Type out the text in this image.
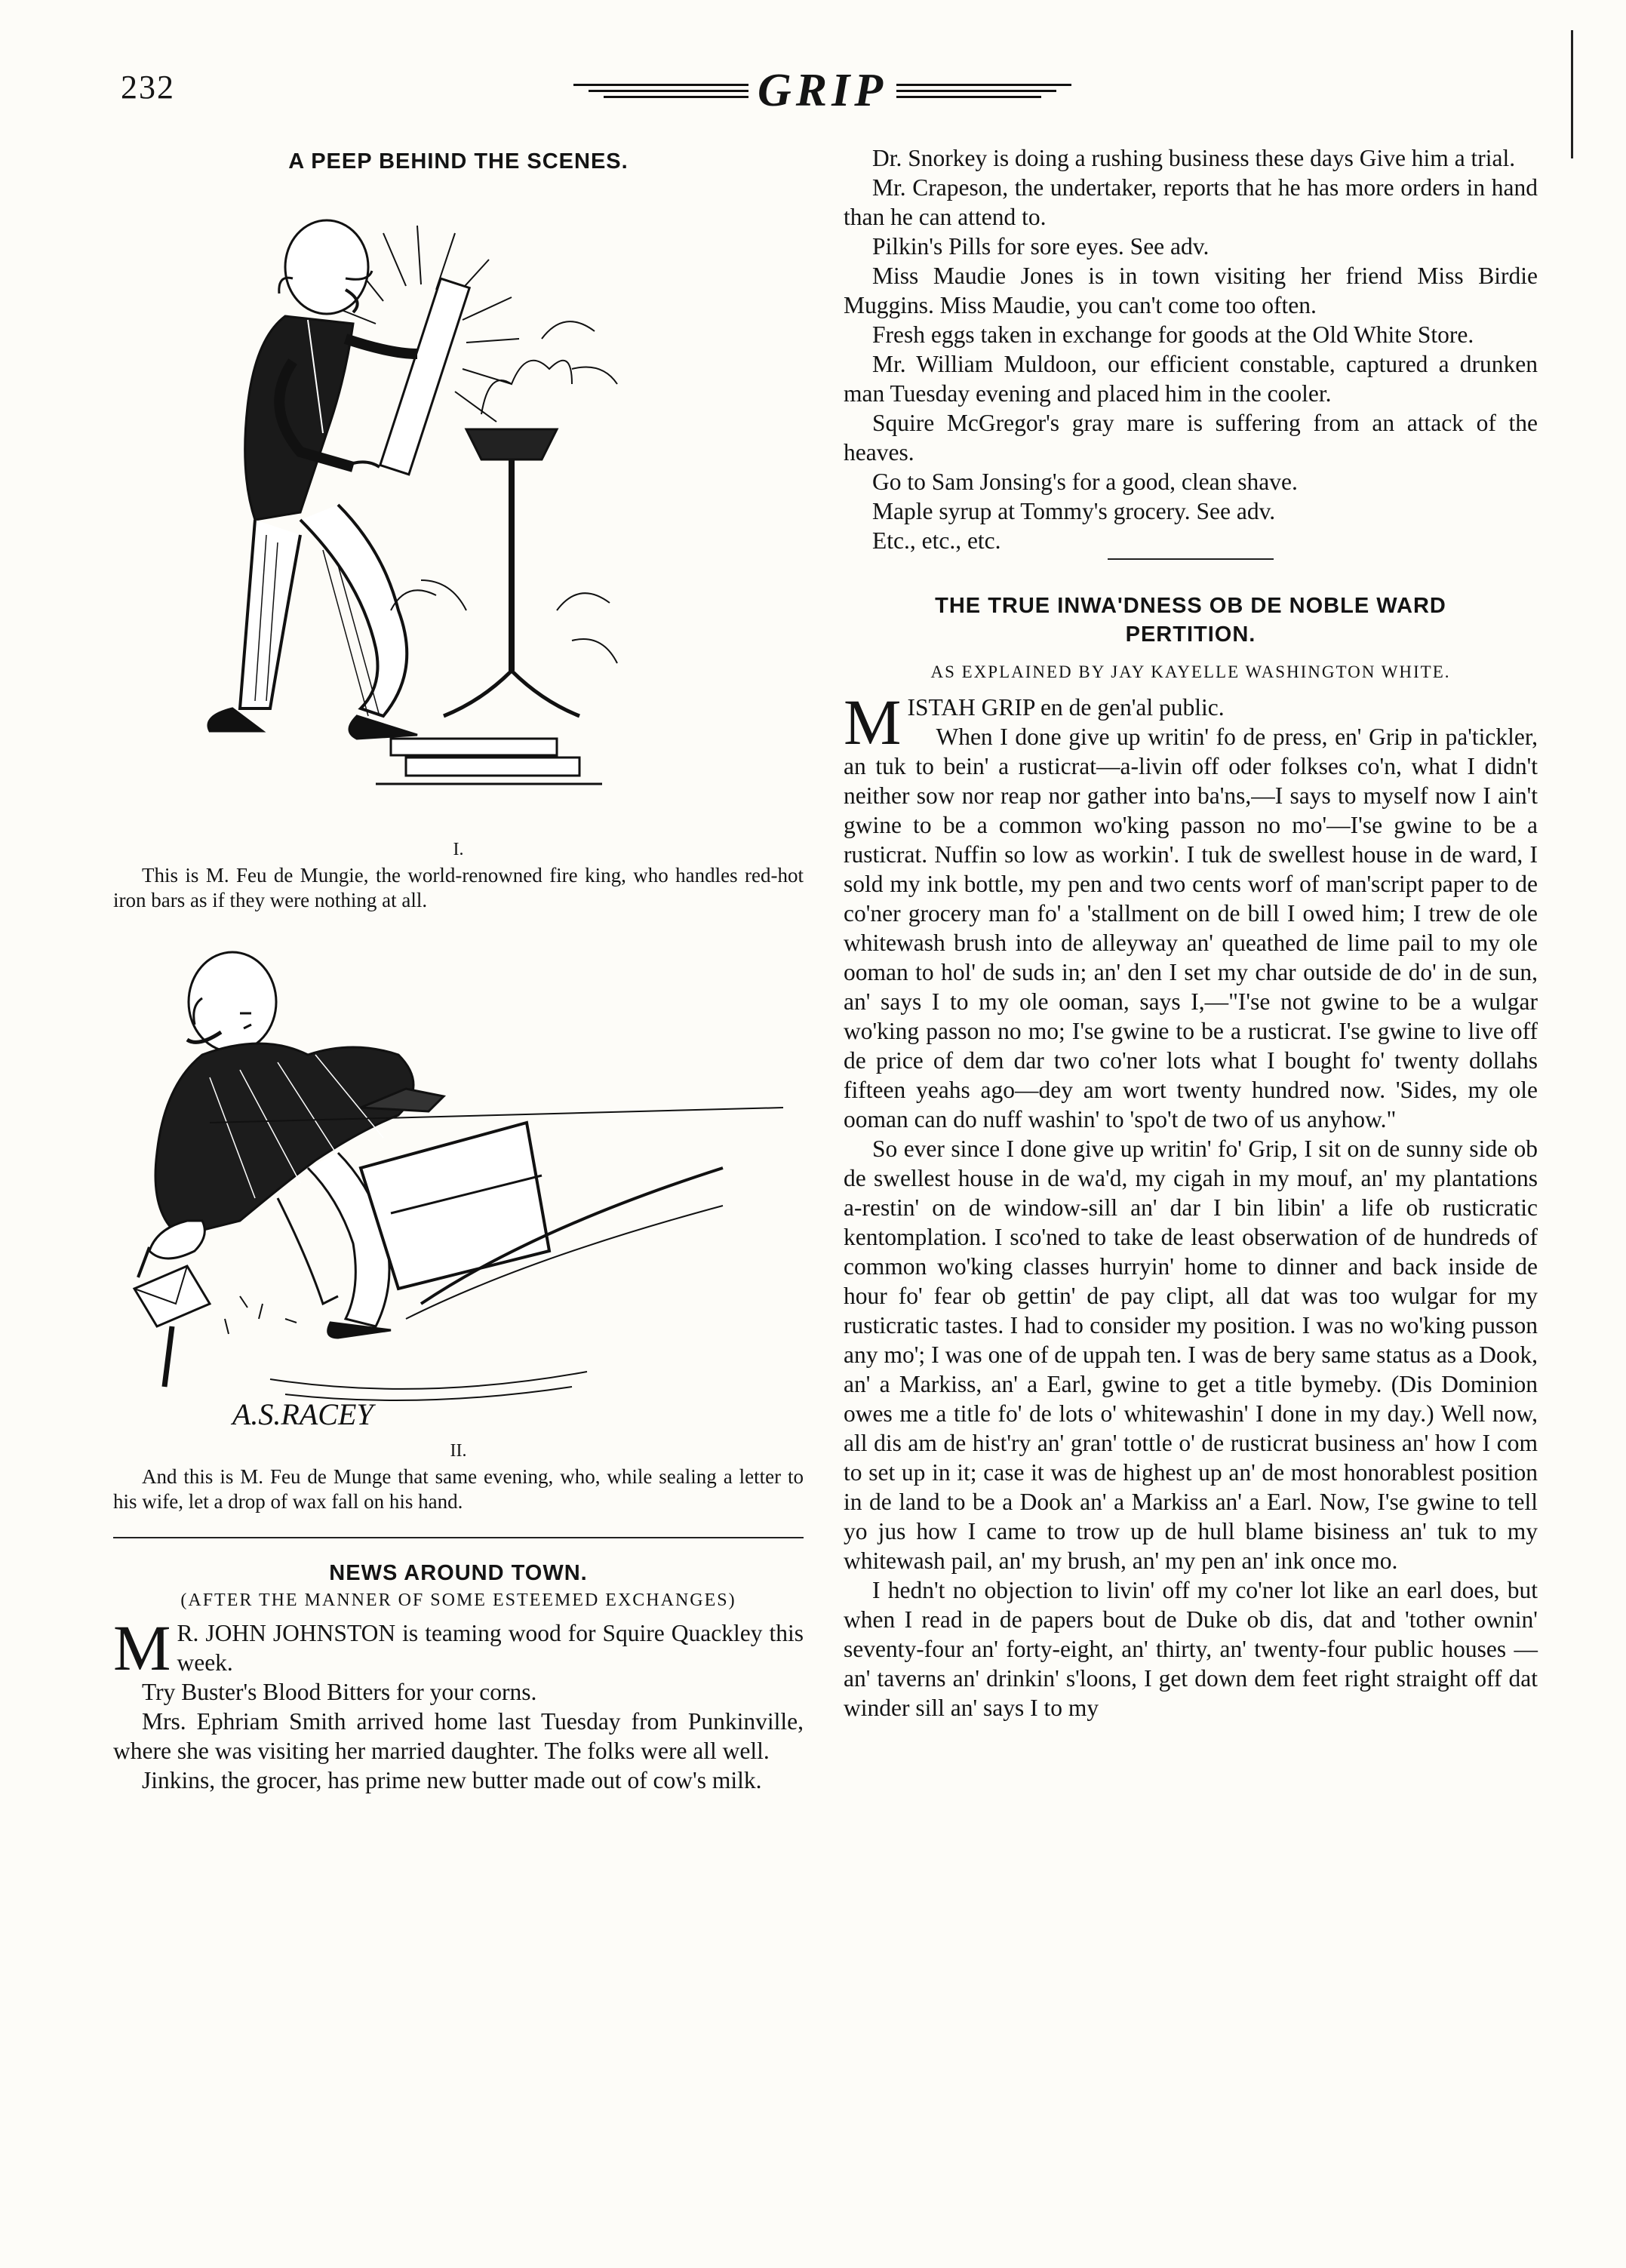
232	GRIP
A PEEP BEHIND THE SCENES.
I.
This is M. Feu de Mungie, the world-renowned fire king, who handles red-hot iron bars as if they were nothing at all.
A.S.RACEY
II.
And this is M. Feu de Munge that same evening, who, while sealing a letter to his wife, let a drop of wax fall on his hand.
NEWS AROUND TOWN.
(AFTER THE MANNER OF SOME ESTEEMED EXCHANGES)
M R. JOHN JOHNSTON is teaming wood for Squire Quackley this week.
Try Buster's Blood Bitters for your corns.
Mrs. Ephriam Smith arrived home last Tuesday from Punkinville, where she was visiting her married daughter. The folks were all well.
Jinkins, the grocer, has prime new butter made out of cow's milk.
Dr. Snorkey is doing a rushing business these days Give him a trial.
Mr. Crapeson, the undertaker, reports that he has more orders in hand than he can attend to.
Pilkin's Pills for sore eyes. See adv.
Miss Maudie Jones is in town visiting her friend Miss Birdie Muggins. Miss Maudie, you can't come too often.
Fresh eggs taken in exchange for goods at the Old White Store.
Mr. William Muldoon, our efficient constable, captured a drunken man Tuesday evening and placed him in the cooler.
Squire McGregor's gray mare is suffering from an attack of the heaves.
Go to Sam Jonsing's for a good, clean shave.
Maple syrup at Tommy's grocery. See adv.
Etc., etc., etc.
THE TRUE INWA'DNESS OB DE NOBLE WARD PERTITION.
AS EXPLAINED BY JAY KAYELLE WASHINGTON WHITE.
M ISTAH GRIP en de gen'al public.
When I done give up writin' fo de press, en' Grip in pa'tickler, an tuk to bein' a rusticrat—a-livin off oder folkses co'n, what I didn't neither sow nor reap nor gather into ba'ns,—I says to myself now I ain't gwine to be a common wo'king passon no mo'—I'se gwine to be a rusticrat. Nuffin so low as workin'. I tuk de swellest house in de ward, I sold my ink bottle, my pen and two cents worf of man'script paper to de co'ner grocery man fo' a 'stallment on de bill I owed him; I trew de ole whitewash brush into de alleyway an' queathed de lime pail to my ole ooman to hol' de suds in; an' den I set my char outside de do' in de sun, an' says I to my ole ooman, says I,—"I'se not gwine to be a wulgar wo'king passon no mo; I'se gwine to be a rusticrat. I'se gwine to live off de price of dem dar two co'ner lots what I bought fo' twenty dollahs fifteen yeahs ago—dey am wort twenty hundred now. 'Sides, my ole ooman can do nuff washin' to 'spo't de two of us anyhow."
So ever since I done give up writin' fo' Grip, I sit on de sunny side ob de swellest house in de wa'd, my cigah in my mouf, an' my plantations a-restin' on de window-sill an' dar I bin libin' a life ob rusticratic kentomplation. I sco'ned to take de least obserwation of de hundreds of common wo'king classes hurryin' home to dinner and back inside de hour fo' fear ob gettin' de pay clipt, all dat was too wulgar for my rusticratic tastes. I had to consider my position. I was no wo'king pusson any mo'; I was one of de uppah ten. I was de bery same status as a Dook, an' a Markiss, an' a Earl, gwine to get a title bymeby. (Dis Dominion owes me a title fo' de lots o' whitewashin' I done in my day.) Well now, all dis am de hist'ry an' gran' tottle o' de rusticrat business an' how I com to set up in it; case it was de highest up an' de most honorablest position in de land to be a Dook an' a Markiss an' a Earl. Now, I'se gwine to tell yo jus how I came to trow up de hull blame bisiness an' tuk to my whitewash pail, an' my brush, an' my pen an' ink once mo.
I hedn't no objection to livin' off my co'ner lot like an earl does, but when I read in de papers bout de Duke ob dis, dat and 'tother ownin' seventy-four an' forty-eight, an' thirty, an' twenty-four public houses —an' taverns an' drinkin' s'loons, I get down dem feet right straight off dat winder sill an' says I to my
